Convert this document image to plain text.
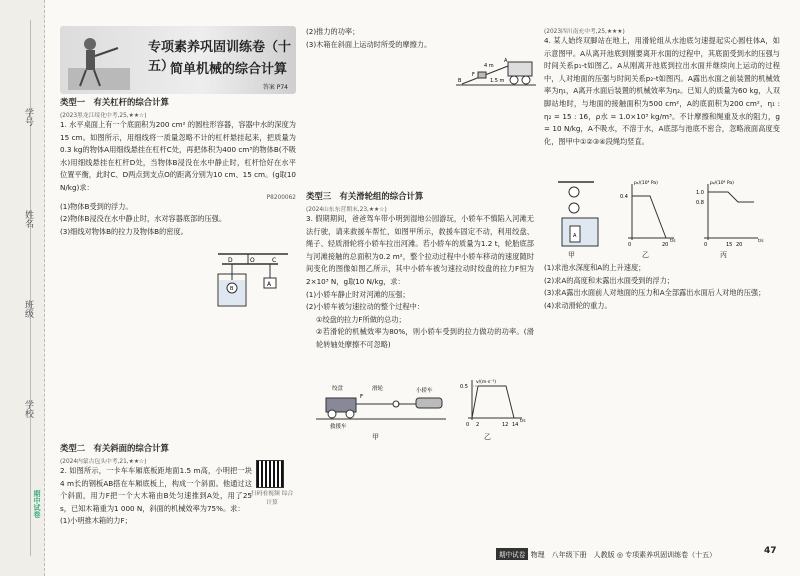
学号
姓名
班级
学校
期中试卷
专项素养巩固训练卷（十五）
简单机械的综合计算
答案 P74

类型一　有关杠杆的综合计算

(2023黑龙江绥化中考,25,★★☆)

1. 水平桌面上有一个底面积为200 cm² 的圆柱形容器，容器中水的深度为15 cm。如图所示，用细线将一质量忽略不计的杠杆悬挂起来，把质量为0.3 kg的物体A用细线悬挂在杠杆C处，再把体积为400 cm³的物体B(不吸水)用细线悬挂在杠杆D处，当物体B浸没在水中静止时，杠杆恰好在水平位置平衡，此时C、D两点到支点O的距离分别为10 cm、15 cm。(g取10 N/kg)求：

P8200062

(1)物体B受到的浮力。

(2)物体B浸没在水中静止时，水对容器底部的压强。

(3)细线对物体B的拉力及物体B的密度。

D	O	C
A
B

类型二　有关斜面的综合计算

(2024内蒙古包头中考,21,★★☆)

2. 如图所示，一卡车车厢底板距地面1.5 m高，小明把一块4 m长的钢板AB搭在车厢底板上，构成一个斜面。他通过这个斜面，用力F把一个大木箱由B处匀速推到A处，用了25 s，已知木箱重为1 000 N，斜面的机械效率为75%。求：

(1)小明推木箱的力F；

扫码看视频 综合计算

(2)推力的功率；

(3)木箱在斜面上运动时所受的摩擦力。

A
4 m
1.5 m
B
F

类型三　有关滑轮组的综合计算

(2024山东东营期末,23,★★☆)

3. 假期期间，爸爸驾车带小明到湿地公园游玩，小轿车不慎陷入河滩无法行驶，请来救援车帮忙，如图甲所示，救援车固定不动，利用绞盘、绳子、轻质滑轮将小轿车拉出河滩。若小轿车的质量为1.2 t，轮胎底部与河滩接触的总面积为0.2 m²，整个拉动过程中小轿车移动的速度随时间变化的图像如图乙所示，其中小轿车被匀速拉动时绞盘的拉力F恒为2×10³ N，g取10 N/kg，求：

(1)小轿车静止时对河滩的压强；

(2)小轿车被匀速拉动的整个过程中：

①绞盘的拉力F所做的总功；

②若滑轮的机械效率为80%，则小轿车受到的拉力做功的功率。(滑轮转轴处摩擦不可忽略)

绞盘
F
滑轮	小轿车
救援车
v/(m·s⁻¹)
0.5
0 2	12 14
t/s

甲	乙

(2023四川南充中考,25,★★★)

4. 某人始终双脚站在地上，用滑轮组从水池底匀速提起实心圆柱体A，如示意图甲。A从离开池底到刚要离开水面的过程中，其底面受到水的压强与时间关系p₁-t如图乙。A从刚离开池底到拉出水面并继续向上运动的过程中，人对地面的压强与时间关系p₂-t如图丙。A露出水面之前装置的机械效率为η₁，A离开水面后装置的机械效率为η₂。已知人的质量为60 kg，人双脚站地时，与地面的接触面积为500 cm²，A的底面积为200 cm²，η₁ : η₂ = 15 : 16，ρ水 = 1.0×10³ kg/m³。不计摩擦和绳重及水的阻力，g = 10 N/kg，A不吸水，不溶于水，A底部与池底不密合，忽略液面高度变化，图甲中①②③④段绳均竖直。

A
p₁/(10⁴ Pa)
0.4
0	20
t/s
p₂/(10⁴ Pa)
1.0
0.8
0	15 20
t/s

甲	乙	丙

(1)求池水深度和A的上升速度；

(2)求A的高度和未露出水面受到的浮力；

(3)求A露出水面前人对地面的压力和A全部露出水面后人对地的压强；

(4)求动滑轮的重力。

期中试卷 物理　八年级下册　人教版 ◎ 专项素养巩固训练卷（十五）	47
